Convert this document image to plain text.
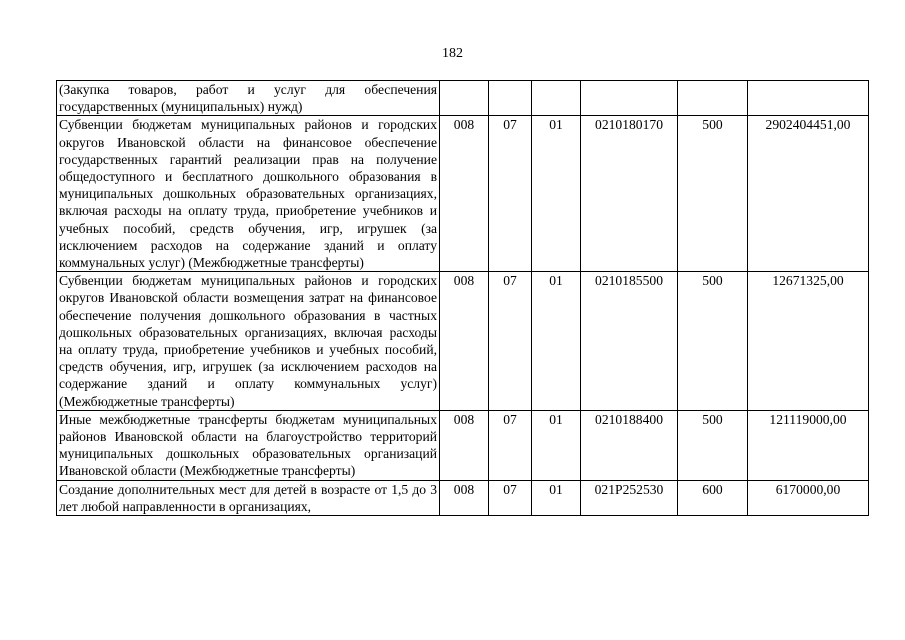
182
(Закупка товаров, работ и услуг для обеспечения государственных (муниципальных) нужд)						
Субвенции бюджетам муниципальных районов и городских округов Ивановской области на финансовое обеспечение государственных гарантий реализации прав на получение общедоступного и бесплатного дошкольного образования в муниципальных дошкольных образовательных организациях, включая расходы на оплату труда, приобретение учебников и учебных пособий, средств обучения, игр, игрушек (за исключением расходов на содержание зданий и оплату коммунальных услуг) (Межбюджетные трансферты)	008	07	01	0210180170	500	2902404451,00
Субвенции бюджетам муниципальных районов и городских округов Ивановской области возмещения затрат на финансовое обеспечение получения дошкольного образования в частных дошкольных образовательных организациях, включая расходы на оплату труда, приобретение учебников и учебных пособий, средств обучения, игр, игрушек (за исключением расходов на содержание зданий и оплату коммунальных услуг) (Межбюджетные трансферты)	008	07	01	0210185500	500	12671325,00
Иные межбюджетные трансферты бюджетам муниципальных районов Ивановской области на благоустройство территорий муниципальных дошкольных образовательных организаций Ивановской области (Межбюджетные трансферты)	008	07	01	0210188400	500	121119000,00

Создание дополнительных мест для детей в возрасте от 1,5 до 3 лет любой направленности в организациях,	008	07	01	021P252530	600	6170000,00
